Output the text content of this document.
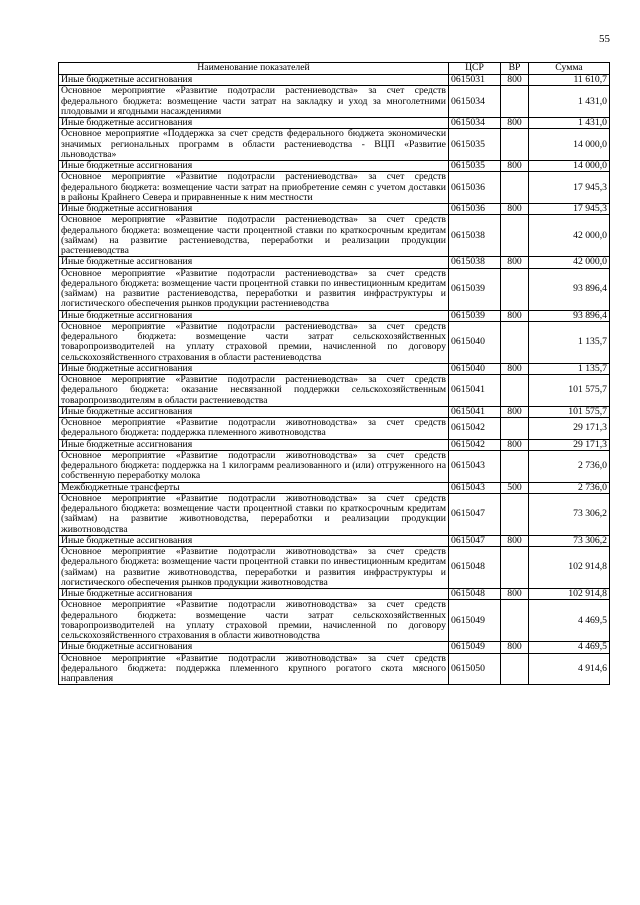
55
Наименование показателей	ЦСР	ВР	Сумма
Иные бюджетные ассигнования	0615031	800	11 610,7
Основное мероприятие «Развитие подотрасли растениеводства» за счет средств федерального бюджета: возмещение части затрат на закладку и уход за многолетними плодовыми и ягодными насаждениями	0615034		1 431,0
Иные бюджетные ассигнования	0615034	800	1 431,0
Основное мероприятие «Поддержка за счет средств федерального бюджета экономически значимых региональных программ в области растениеводства - ВЦП «Развитие льноводства»	0615035		14 000,0
Иные бюджетные ассигнования	0615035	800	14 000,0
Основное мероприятие «Развитие подотрасли растениеводства» за счет средств федерального бюджета: возмещение части затрат на приобретение семян с учетом доставки в районы Крайнего Севера и приравненные к ним местности	0615036		17 945,3
Иные бюджетные ассигнования	0615036	800	17 945,3
Основное мероприятие «Развитие подотрасли растениеводства» за счет средств федерального бюджета: возмещение части процентной ставки по краткосрочным кредитам (займам) на развитие растениеводства, переработки и реализации продукции растениеводства	0615038		42 000,0
Иные бюджетные ассигнования	0615038	800	42 000,0
Основное мероприятие «Развитие подотрасли растениеводства» за счет средств федерального бюджета: возмещение части процентной ставки по инвестиционным кредитам (займам) на развитие растениеводства, переработки и развития инфраструктуры и логистического обеспечения рынков продукции растениеводства	0615039		93 896,4
Иные бюджетные ассигнования	0615039	800	93 896,4
Основное мероприятие «Развитие подотрасли растениеводства» за счет средств федерального бюджета: возмещение части затрат сельскохозяйственных товаропроизводителей на уплату страховой премии, начисленной по договору сельскохозяйственного страхования в области растениеводства	0615040		1 135,7
Иные бюджетные ассигнования	0615040	800	1 135,7
Основное мероприятие «Развитие подотрасли растениеводства» за счет средств федерального бюджета: оказание несвязанной поддержки сельскохозяйственным товаропроизводителям в области растениеводства	0615041		101 575,7
Иные бюджетные ассигнования	0615041	800	101 575,7
Основное мероприятие «Развитие подотрасли животноводства» за счет средств федерального бюджета: поддержка племенного животноводства	0615042		29 171,3
Иные бюджетные ассигнования	0615042	800	29 171,3
Основное мероприятие «Развитие подотрасли животноводства» за счет средств федерального бюджета: поддержка на 1 килограмм реализованного и (или) отгруженного на собственную переработку молока	0615043		2 736,0
Межбюджетные трансферты	0615043	500	2 736,0
Основное мероприятие «Развитие подотрасли животноводства» за счет средств федерального бюджета: возмещение части процентной ставки по краткосрочным кредитам (займам) на развитие животноводства, переработки и реализации продукции животноводства	0615047		73 306,2
Иные бюджетные ассигнования	0615047	800	73 306,2
Основное мероприятие «Развитие подотрасли животноводства» за счет средств федерального бюджета: возмещение части процентной ставки по инвестиционным кредитам (займам) на развитие животноводства, переработки и развития инфраструктуры и логистического обеспечения рынков продукции животноводства	0615048		102 914,8
Иные бюджетные ассигнования	0615048	800	102 914,8
Основное мероприятие «Развитие подотрасли животноводства» за счет средств федерального бюджета: возмещение части затрат сельскохозяйственных товаропроизводителей на уплату страховой премии, начисленной по договору сельскохозяйственного страхования в области животноводства	0615049		4 469,5
Иные бюджетные ассигнования	0615049	800	4 469,5
Основное мероприятие «Развитие подотрасли животноводства» за счет средств федерального бюджета: поддержка племенного крупного рогатого скота мясного направления	0615050		4 914,6
